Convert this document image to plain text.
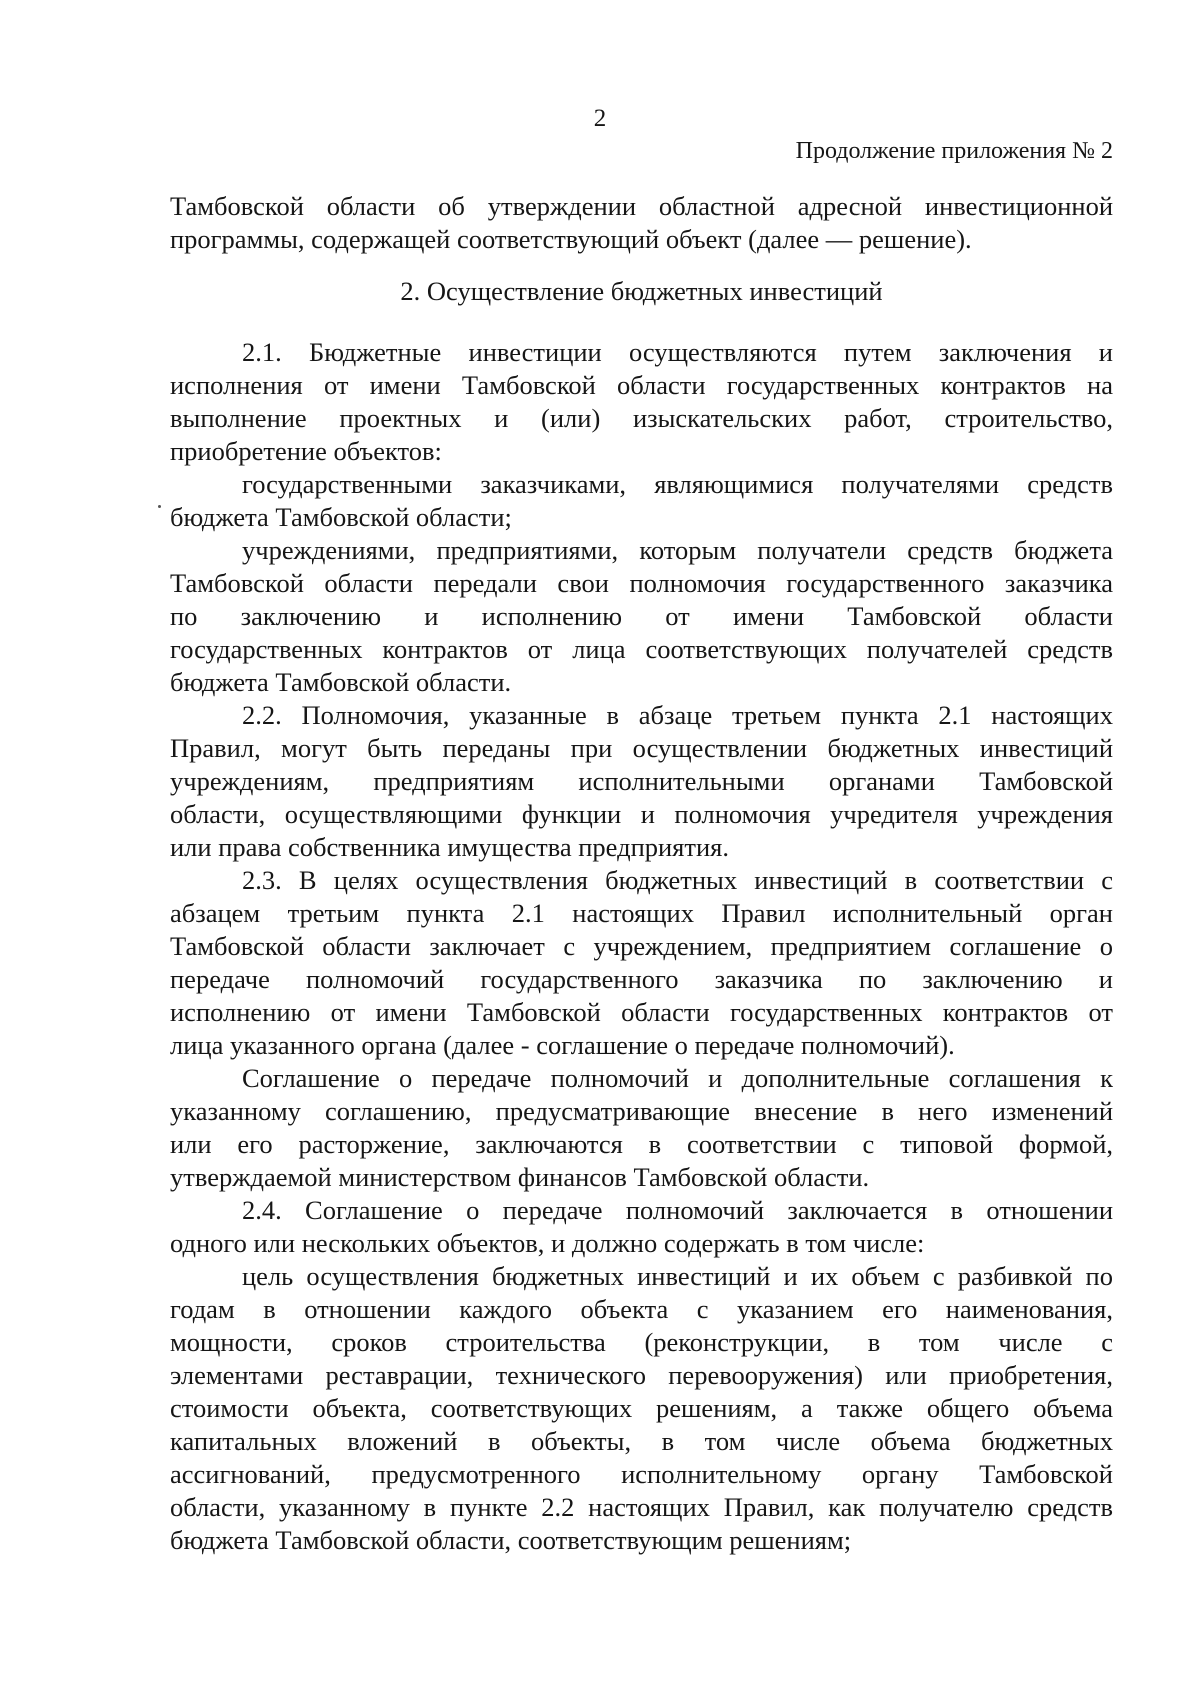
2
Продолжение приложения № 2
Тамбовской области об утверждении областной адресной инвестиционной
программы, содержащей соответствующий объект (далее — решение).
2. Осуществление бюджетных инвестиций
2.1. Бюджетные инвестиции осуществляются путем заключения и
исполнения от имени Тамбовской области государственных контрактов на
выполнение проектных и (или) изыскательских работ, строительство,
приобретение объектов:
государственными заказчиками, являющимися получателями средств
бюджета Тамбовской области;
учреждениями, предприятиями, которым получатели средств бюджета
Тамбовской области передали свои полномочия государственного заказчика
по заключению и исполнению от имени Тамбовской области
государственных контрактов от лица соответствующих получателей средств
бюджета Тамбовской области.
2.2. Полномочия, указанные в абзаце третьем пункта 2.1 настоящих
Правил, могут быть переданы при осуществлении бюджетных инвестиций
учреждениям, предприятиям исполнительными органами Тамбовской
области, осуществляющими функции и полномочия учредителя учреждения
или права собственника имущества предприятия.
2.3. В целях осуществления бюджетных инвестиций в соответствии с
абзацем третьим пункта 2.1 настоящих Правил исполнительный орган
Тамбовской области заключает с учреждением, предприятием соглашение о
передаче полномочий государственного заказчика по заключению и
исполнению от имени Тамбовской области государственных контрактов от
лица указанного органа (далее - соглашение о передаче полномочий).
Соглашение о передаче полномочий и дополнительные соглашения к
указанному соглашению, предусматривающие внесение в него изменений
или его расторжение, заключаются в соответствии с типовой формой,
утверждаемой министерством финансов Тамбовской области.
2.4. Соглашение о передаче полномочий заключается в отношении
одного или нескольких объектов, и должно содержать в том числе:
цель осуществления бюджетных инвестиций и их объем с разбивкой по
годам в отношении каждого объекта с указанием его наименования,
мощности, сроков строительства (реконструкции, в том числе с
элементами реставрации, технического перевооружения) или приобретения,
стоимости объекта, соответствующих решениям, а также общего объема
капитальных вложений в объекты, в том числе объема бюджетных
ассигнований, предусмотренного исполнительному органу Тамбовской
области, указанному в пункте 2.2 настоящих Правил, как получателю средств
бюджета Тамбовской области, соответствующим решениям;
